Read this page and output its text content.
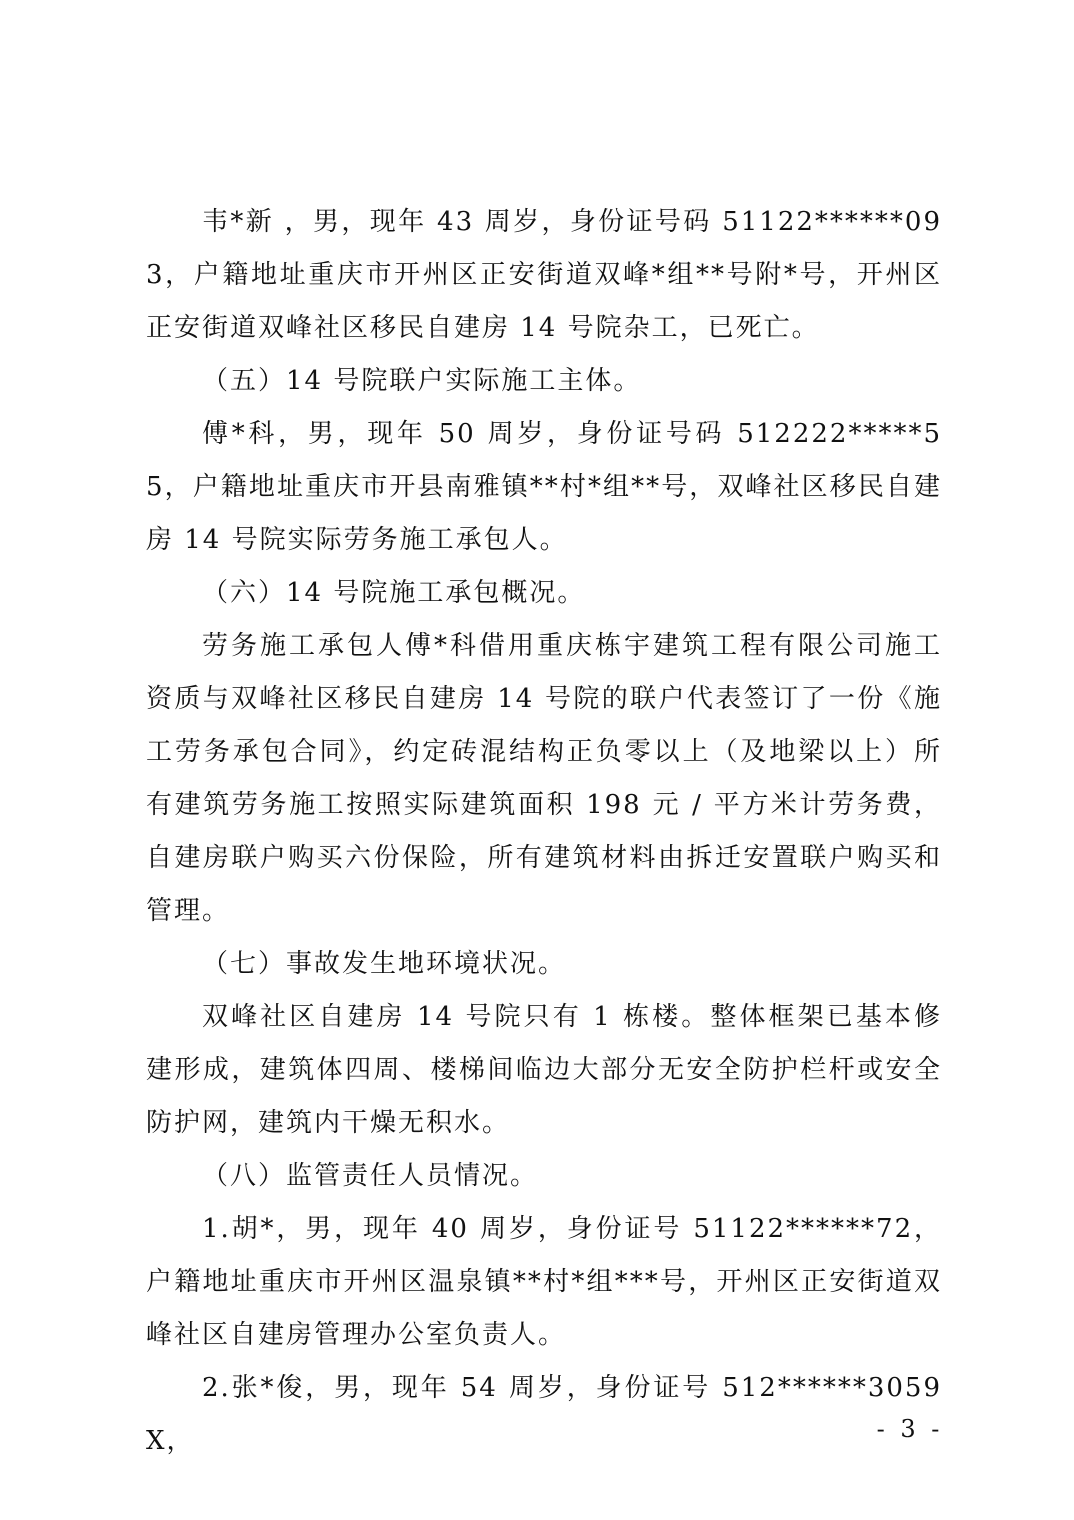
韦*新 ，男，现年 43 周岁，身份证号码 51122******093，户籍地址重庆市开州区正安街道双峰*组**号附*号，开州区正安街道双峰社区移民自建房 14 号院杂工，已死亡。

（五）14 号院联户实际施工主体。

傅*科，男，现年 50 周岁，身份证号码 512222*****55，户籍地址重庆市开县南雅镇**村*组**号，双峰社区移民自建房 14 号院实际劳务施工承包人。

（六）14 号院施工承包概况。

劳务施工承包人傅*科借用重庆栋宇建筑工程有限公司施工资质与双峰社区移民自建房 14 号院的联户代表签订了一份《施工劳务承包合同》，约定砖混结构正负零以上（及地梁以上）所有建筑劳务施工按照实际建筑面积 198 元 / 平方米计劳务费，自建房联户购买六份保险，所有建筑材料由拆迁安置联户购买和管理。

（七）事故发生地环境状况。

双峰社区自建房 14 号院只有 1 栋楼。整体框架已基本修建形成，建筑体四周、楼梯间临边大部分无安全防护栏杆或安全防护网，建筑内干燥无积水。

（八）监管责任人员情况。

1.胡*，男，现年 40 周岁，身份证号 51122******72，户籍地址重庆市开州区温泉镇**村*组***号，开州区正安街道双峰社区自建房管理办公室负责人。

2.张*俊，男，现年 54 周岁，身份证号 512******3059X，	- 3 -
